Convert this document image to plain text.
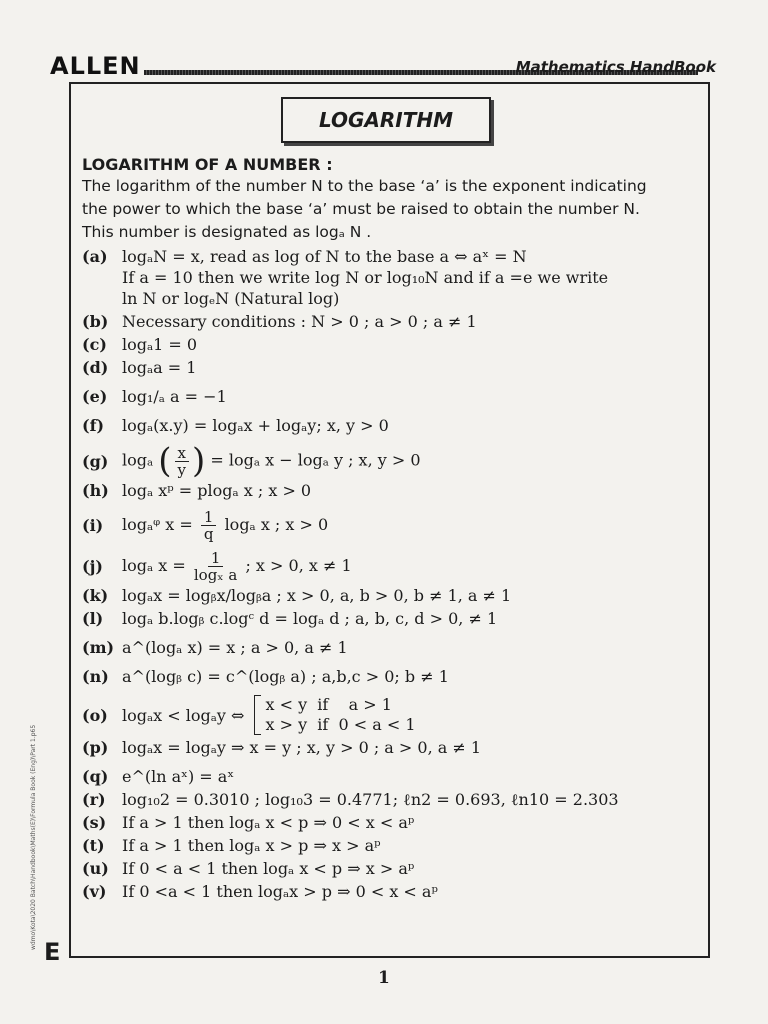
ALLEN	Mathematics HandBook
LOGARITHM
wdmo\Kota\2020 Batch\Handbook\Maths(E)\Formula Book (Eng)\Part 1.p65
E
LOGARITHM OF A NUMBER :
The logarithm of the number N to the base ‘a’ is the exponent indicating
the power to which the base ‘a’ must be raised to obtain the number N.
This number is designated as logₐ N .
(a) logₐN = x, read as log of N to the base a ⇔ aˣ = N
If a = 10 then we write log N or log₁₀N and if a =e we write
ln N or logₑN (Natural log)
(b) Necessary conditions : N > 0 ; a > 0 ; a ≠ 1
(c) logₐ1 = 0
(d) logₐa = 1
(e) log₁/ₐ a = −1
(f)	logₐ(x.y) = logₐx + logₐy; x, y > 0
(g) logₐ ( $\frac{x}{y}$ ) = logₐ x − logₐ y ; x, y > 0
(h) logₐ xᵖ = plogₐ x ; x > 0
(i)	logₐᵠ $x = \frac{1}{q}$ logₐ x ; x > 0
(j)	logₐ $x = \frac{1}{\text{logₓ a}}$ ; x > 0, x ≠ 1
(k) logₐx = logᵦx/logᵦa ; x > 0, a, b > 0, b ≠ 1, a ≠ 1
(l)	logₐ b.logᵦ c.logᶜ d = logₐ d ; a, b, c, d > 0, ≠ 1
(m) a^(logₐ x) = x ; a > 0, a ≠ 1
(n) a^(logᵦ c) = c^(logᵦ a) ; a,b,c > 0; b ≠ 1
(o) logₐx < logₐy ⇔
x < y  if    a > 1
x > y  if  0 < a < 1
(p) logₐx = logₐy ⇒ x = y ; x, y > 0 ; a > 0, a ≠ 1
(q) e^(ln aˣ) = aˣ
(r)	log₁₀2 = 0.3010 ; log₁₀3 = 0.4771; ℓn2 = 0.693, ℓn10 = 2.303
(s) If a > 1 then logₐ x < p ⇒ 0 < x < aᵖ
(t)	If a > 1 then logₐ x > p ⇒ x > aᵖ
(u) If 0 < a < 1 then logₐ x < p ⇒ x > aᵖ
(v) If 0 <a < 1 then logₐx > p ⇒ 0 < x < aᵖ
1
